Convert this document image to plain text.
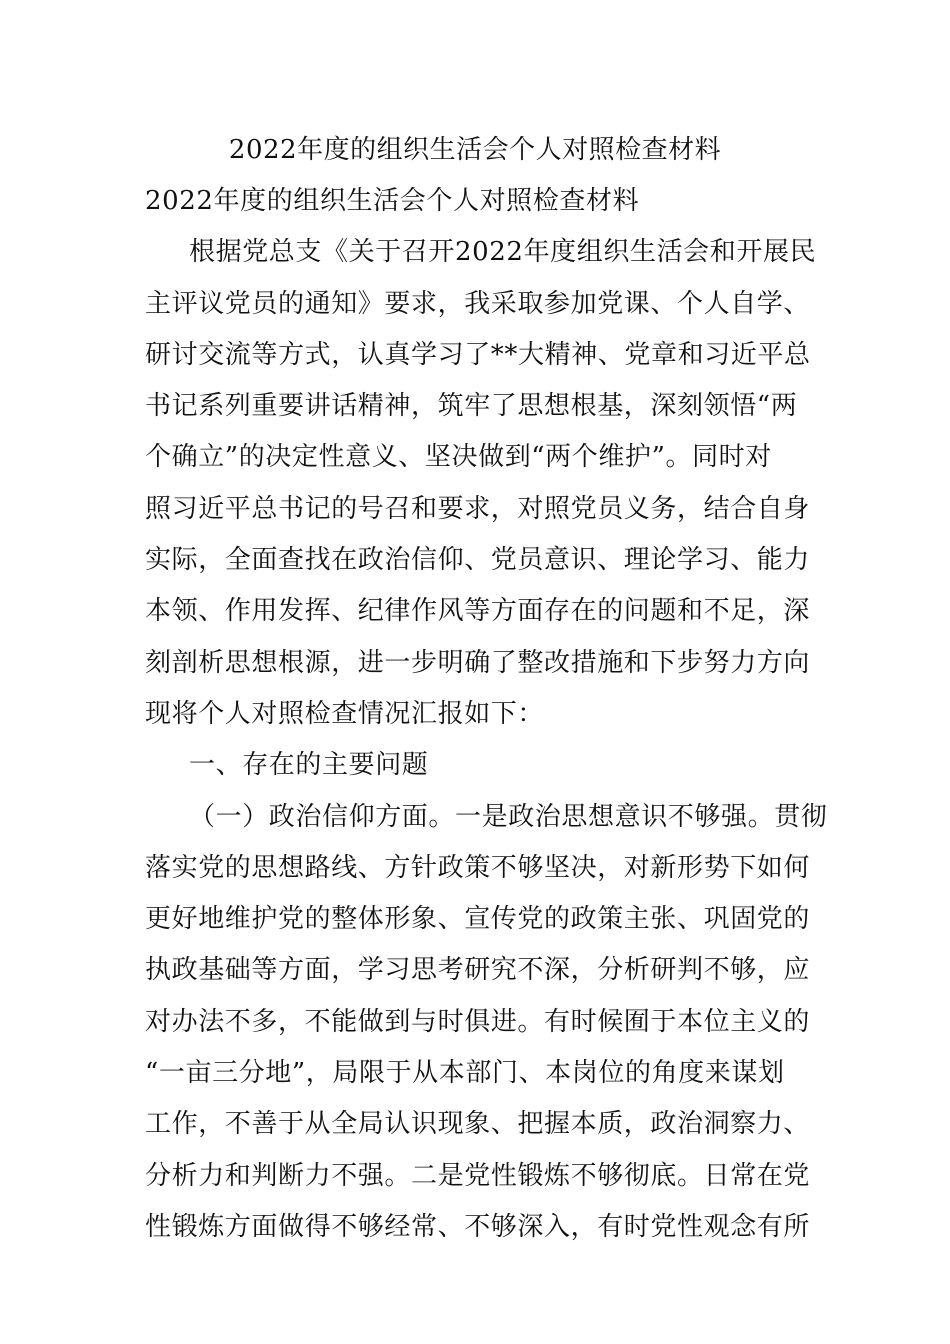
2022年度的组织生活会个人对照检查材料
2022年度的组织生活会个人对照检查材料
根据党总支《关于召开2022年度组织生活会和开展民
主评议党员的通知》要求，我采取参加党课、个人自学、
研讨交流等方式，认真学习了**大精神、党章和习近平总
书记系列重要讲话精神，筑牢了思想根基，深刻领悟“两
个确立”的决定性意义、坚决做到“两个维护”。同时对
照习近平总书记的号召和要求，对照党员义务，结合自身
实际，全面查找在政治信仰、党员意识、理论学习、能力
本领、作用发挥、纪律作风等方面存在的问题和不足，深
刻剖析思想根源，进一步明确了整改措施和下步努力方向
现将个人对照检查情况汇报如下：
一、存在的主要问题
（一）政治信仰方面。一是政治思想意识不够强。贯彻
落实党的思想路线、方针政策不够坚决，对新形势下如何
更好地维护党的整体形象、宣传党的政策主张、巩固党的
执政基础等方面，学习思考研究不深，分析研判不够，应
对办法不多，不能做到与时俱进。有时候囿于本位主义的
“一亩三分地”，局限于从本部门、本岗位的角度来谋划
工作，不善于从全局认识现象、把握本质，政治洞察力、
分析力和判断力不强。二是党性锻炼不够彻底。日常在党
性锻炼方面做得不够经常、不够深入，有时党性观念有所
